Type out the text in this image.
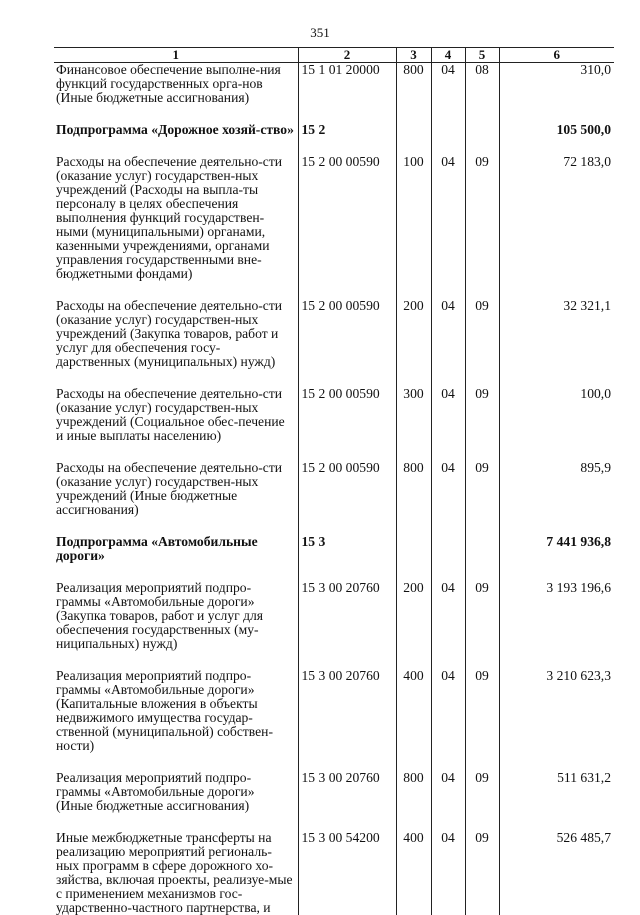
351
1	2	3	4	5	6
Финансовое обеспечение выполне-ния функций государственных орга-нов (Иные бюджетные ассигнования)	15 1 01 20000	800	04	08	310,0
Подпрограмма «Дорожное хозяй-ство»	15 2				105 500,0
Расходы на обеспечение деятельно-сти (оказание услуг) государствен-ных учреждений (Расходы на выпла-ты персоналу в целях обеспечения выполнения функций государствен-ными (муниципальными) органами, казенными учреждениями, органами управления государственными вне-бюджетными фондами)	15 2 00 00590	100	04	09	72 183,0
Расходы на обеспечение деятельно-сти (оказание услуг) государствен-ных учреждений (Закупка товаров, работ и услуг для обеспечения госу-дарственных (муниципальных) нужд)	15 2 00 00590	200	04	09	32 321,1
Расходы на обеспечение деятельно-сти (оказание услуг) государствен-ных учреждений (Социальное обес-печение и иные выплаты населению)	15 2 00 00590	300	04	09	100,0
Расходы на обеспечение деятельно-сти (оказание услуг) государствен-ных учреждений (Иные бюджетные ассигнования)	15 2 00 00590	800	04	09	895,9
Подпрограмма «Автомобильные дороги»	15 3				7 441 936,8
Реализация мероприятий подпро-граммы «Автомобильные дороги» (Закупка товаров, работ и услуг для обеспечения государственных (му-ниципальных) нужд)	15 3 00 20760	200	04	09	3 193 196,6
Реализация мероприятий подпро-граммы «Автомобильные дороги» (Капитальные вложения в объекты недвижимого имущества государ-ственной (муниципальной) собствен-ности)	15 3 00 20760	400	04	09	3 210 623,3
Реализация мероприятий подпро-граммы «Автомобильные дороги» (Иные бюджетные ассигнования)	15 3 00 20760	800	04	09	511 631,2
Иные межбюджетные трансферты на реализацию мероприятий региональ-ных программ в сфере дорожного хо-зяйства, включая проекты, реализуе-мые с применением механизмов гос-ударственно-частного партнерства, и	15 3 00 54200	400	04	09	526 485,7
